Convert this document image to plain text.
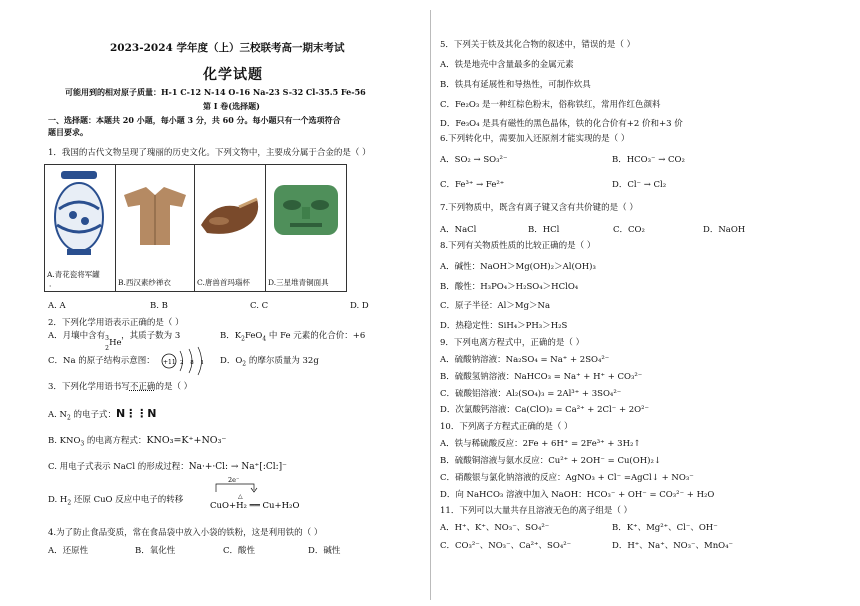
2023-2024 学年度（上）三校联考高一期末考试
化学试题
可能用到的相对原子质量：H-1 C-12 N-14 O-16 Na-23 S-32 Cl-35.5 Fe-56
第 I 卷(选择题)
一、选择题：本题共 20 小题，每小题 3 分，共 60 分。每小题只有一个选项符合
题目要求。
1．我国的古代文物呈现了瑰丽的历史文化。下列文物中，主要成分属于合金的是（ ）
A.青花瓷将军罐
．	B.西汉素纱禅衣	C.唐兽首玛瑙杯	D.三星堆青铜面具
A. A	B. B	C. C	D. D
2．下列化学用语表示正确的是（ ）
A．月壤中含有 3
2
He
，其质子数为 3	B．$K_2FeO_4$ 中 Fe 元素的化合价：+6
C．Na 的原子结构示意图： +11 2 8 1 D．$O_2$ 的摩尔质量为 32g
3．下列化学用语书写不正确的是（ ）
A. $N_2$ 的电子式：N⋮⋮N
B. $KNO_3$ 的电离方程式：KNO₃=K⁺+NO₃⁻
C. 用电子式表示 NaCl 的形成过程：Na·+·Cl: → Na⁺[:Cl:]⁻
D. $H_2$ 还原 CuO 反应中电子的转移
2e⁻
△
CuO+H₂ ══ Cu+H₂O
4.为了防止食品变质，常在食品袋中放入小袋的铁粉，这是利用铁的（ ）
A．还原性	B．氧化性	C．酸性	D．碱性
5．下列关于铁及其化合物的叙述中，错误的是（ ）
A．铁是地壳中含量最多的金属元素
B．铁具有延展性和导热性，可制作炊具
C．Fe₂O₃ 是一种红棕色粉末，俗称铁红，常用作红色颜料
D．Fe₃O₄ 是具有磁性的黑色晶体，铁的化合价有+2 价和+3 价
6.下列转化中，需要加入还原剂才能实现的是（ ）
A．SO₂ → SO₃²⁻	B．HCO₃⁻ → CO₂
C．Fe³⁺ → Fe²⁺	D．Cl⁻ → Cl₂
7.下列物质中，既含有离子键又含有共价键的是（ ）
A．NaCl	B．HCl	C．CO₂	D．NaOH
8.下列有关物质性质的比较正确的是（ ）
A．碱性：NaOH＞Mg(OH)₂＞Al(OH)₃
B．酸性：H₃PO₄＞H₂SO₄＞HClO₄
C．原子半径：Al＞Mg＞Na
D．热稳定性：SiH₄＞PH₃＞H₂S
9．下列电离方程式中，正确的是（ ）
A．硫酸钠溶液：Na₂SO₄ = Na⁺ + 2SO₄²⁻
B．硫酸氢钠溶液：NaHCO₃ = Na⁺ + H⁺ + CO₃²⁻
C．硫酸铝溶液：Al₂(SO₄)₃ = 2Al³⁺ + 3SO₄²⁻
D．次氯酸钙溶液：Ca(ClO)₂ = Ca²⁺ + 2Cl⁻ + 2O²⁻
10．下列离子方程式正确的是（ ）
A．铁与稀硫酸反应：2Fe + 6H⁺ = 2Fe³⁺ + 3H₂↑
B．硫酸铜溶液与氨水反应：Cu²⁺ + 2OH⁻ = Cu(OH)₂↓
C．硝酸银与氯化钠溶液的反应：AgNO₃ + Cl⁻ =AgCl↓ + NO₃⁻
D．向 NaHCO₃ 溶液中加入 NaOH：HCO₃⁻ + OH⁻ = CO₃²⁻ + H₂O
11．下列可以大量共存且溶液无色的离子组是（ ）
A．H⁺、K⁺、NO₃⁻、SO₄²⁻	B．K⁺、Mg²⁺、Cl⁻、OH⁻
C．CO₃²⁻、NO₃⁻、Ca²⁺、SO₄²⁻	D．H⁺、Na⁺、NO₃⁻、MnO₄⁻
